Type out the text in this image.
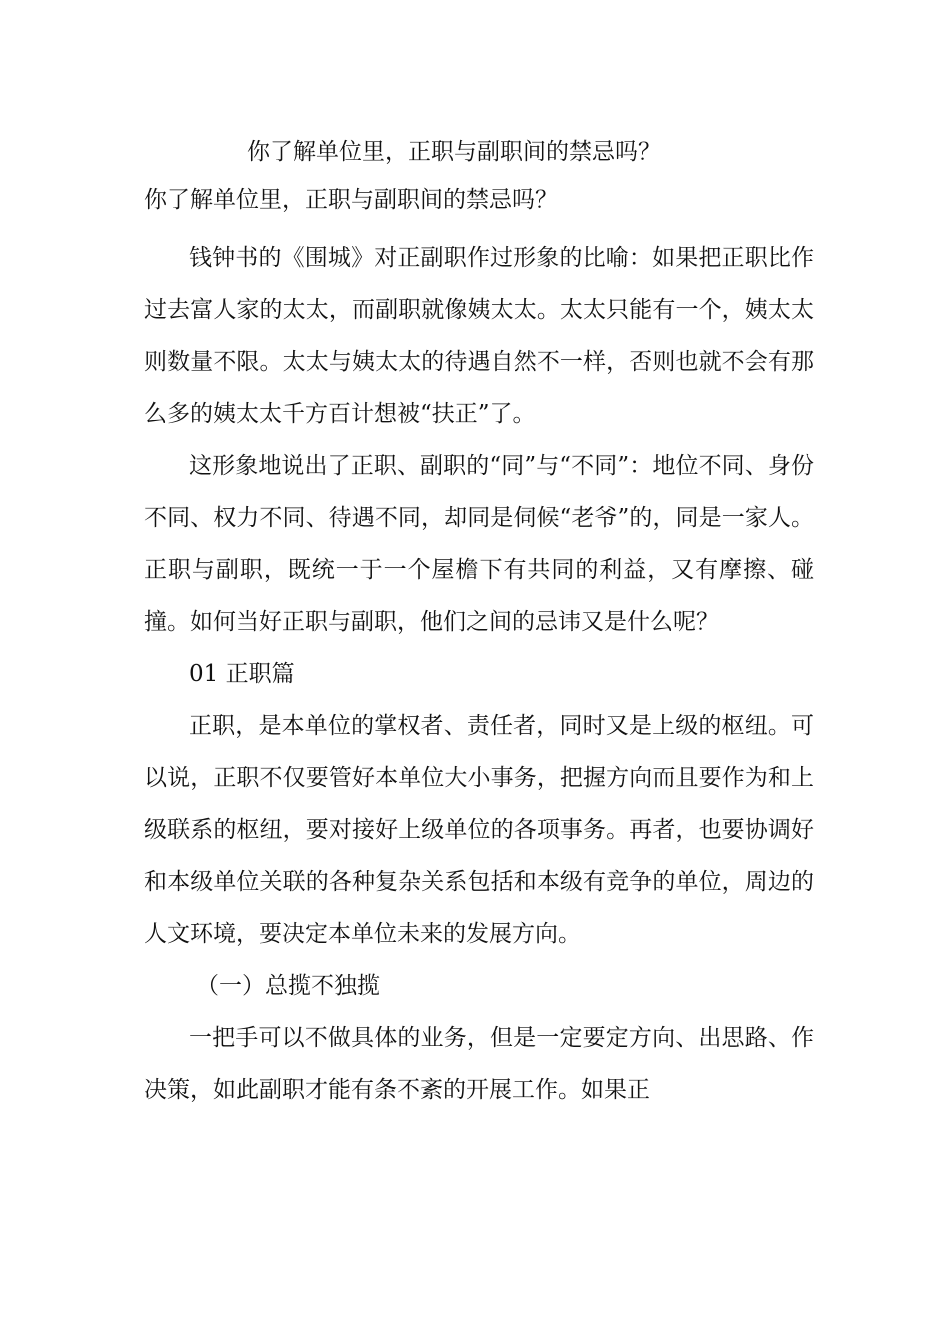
你了解单位里，正职与副职间的禁忌吗？

你了解单位里，正职与副职间的禁忌吗？

钱钟书的《围城》对正副职作过形象的比喻：如果把正职比作过去富人家的太太，而副职就像姨太太。太太只能有一个，姨太太则数量不限。太太与姨太太的待遇自然不一样，否则也就不会有那么多的姨太太千方百计想被“扶正”了。

这形象地说出了正职、副职的“同”与“不同”：地位不同、身份不同、权力不同、待遇不同，却同是伺候“老爷”的，同是一家人。正职与副职，既统一于一个屋檐下有共同的利益，又有摩擦、碰撞。如何当好正职与副职，他们之间的忌讳又是什么呢？

01 正职篇

正职，是本单位的掌权者、责任者，同时又是上级的枢纽。可以说，正职不仅要管好本单位大小事务，把握方向而且要作为和上级联系的枢纽，要对接好上级单位的各项事务。再者，也要协调好和本级单位关联的各种复杂关系包括和本级有竞争的单位，周边的人文环境，要决定本单位未来的发展方向。

（一）总揽不独揽

一把手可以不做具体的业务，但是一定要定方向、出思路、作决策，如此副职才能有条不紊的开展工作。如果正
